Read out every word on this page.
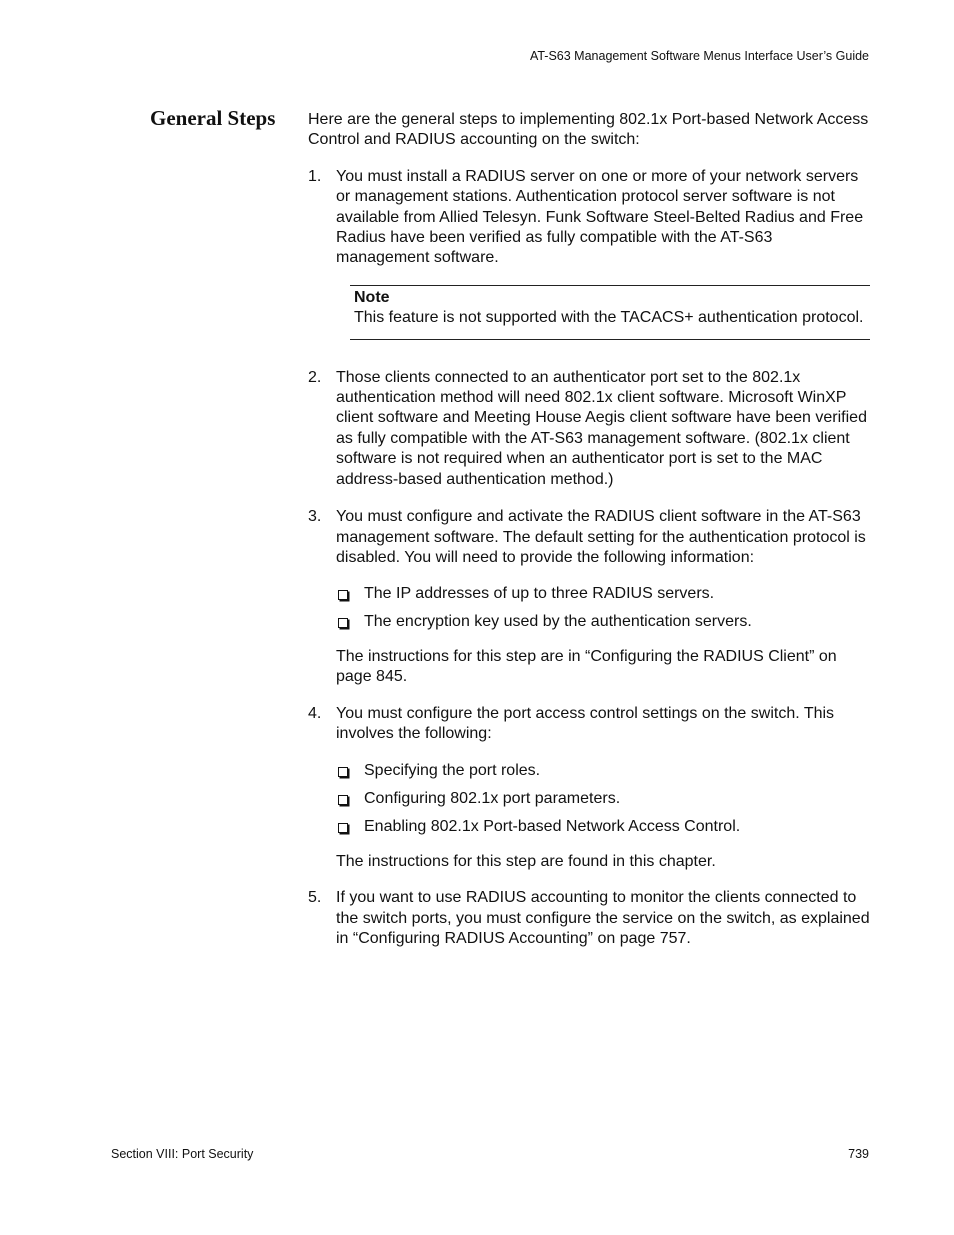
AT-S63 Management Software Menus Interface User’s Guide
General Steps Here are the general steps to implementing 802.1x Port-based Network Access Control and RADIUS accounting on the switch:

1. You must install a RADIUS server on one or more of your network servers or management stations. Authentication protocol server software is not available from Allied Telesyn. Funk Software Steel-Belted Radius and Free Radius have been verified as fully compatible with the AT-S63 management software.

Note

This feature is not supported with the TACACS+ authentication protocol.

2. Those clients connected to an authenticator port set to the 802.1x authentication method will need 802.1x client software. Microsoft WinXP client software and Meeting House Aegis client software have been verified as fully compatible with the AT-S63 management software. (802.1x client software is not required when an authenticator port is set to the MAC address-based authentication method.)

3. You must configure and activate the RADIUS client software in the AT-S63 management software. The default setting for the authentication protocol is disabled. You will need to provide the following information:

The IP addresses of up to three RADIUS servers.
The encryption key used by the authentication servers.

The instructions for this step are in “Configuring the RADIUS Client” on page 845.

4. You must configure the port access control settings on the switch. This involves the following:

Specifying the port roles.
Configuring 802.1x port parameters.
Enabling 802.1x Port-based Network Access Control.

The instructions for this step are found in this chapter.

5. If you want to use RADIUS accounting to monitor the clients connected to the switch ports, you must configure the service on the switch, as explained in “Configuring RADIUS Accounting” on page 757.

Section VIII: Port Security	739
